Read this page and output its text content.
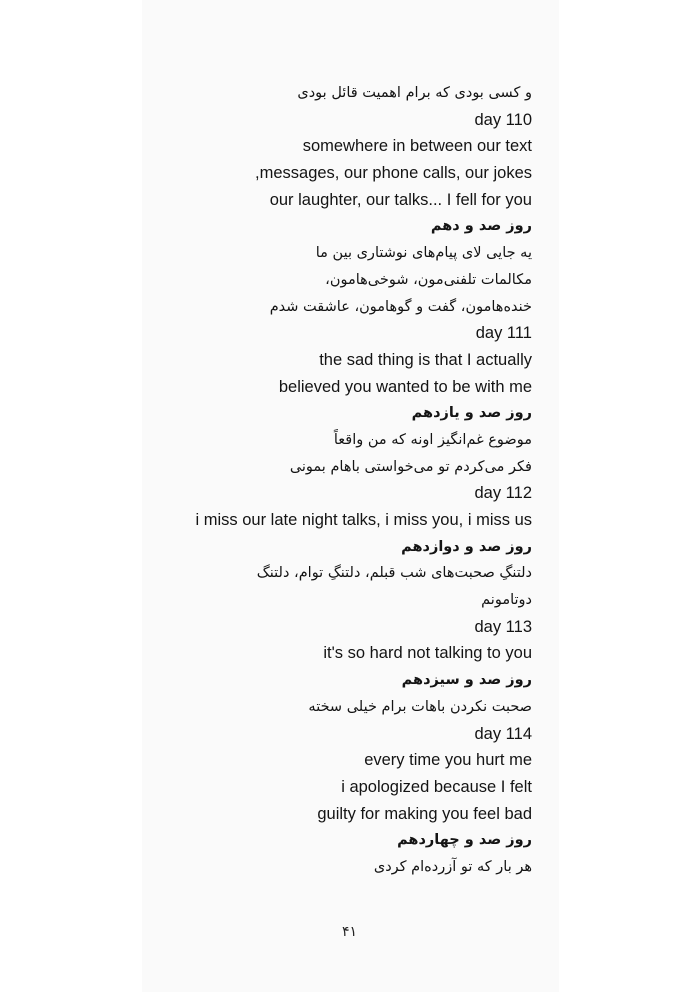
و کسی بودی که برام اهمیت قائل بودی
day 110
somewhere in between our text
,messages, our phone calls, our jokes
our laughter, our talks... I fell for you
روز صد و دهم
یه جایی لای پیام‌های نوشتاری بین ما
مکالمات تلفنی‌مون، شوخی‌هامون،
خنده‌هامون، گفت و گوهامون، عاشقت شدم
day 111
the sad thing is that I actually
believed you wanted to be with me
روز صد و یازدهم
موضوع غم‌انگیز اونه که من واقعاً
فکر می‌کردم تو می‌خواستی باهام بمونی
day 112
i miss our late night talks, i miss you, i miss us
روز صد و دوازدهم
دلتنگِ صحبت‌های شب قبلم، دلتنگِ توام، دلتنگ
دوتامونم
day 113
it's so hard not talking to you
روز صد و سیزدهم
صحبت نکردن باهات برام خیلی سخته
day 114
every time you hurt me
i apologized because I felt
guilty for making you feel bad
روز صد و چهاردهم
هر بار که تو آزرده‌ام کردی
۴۱
